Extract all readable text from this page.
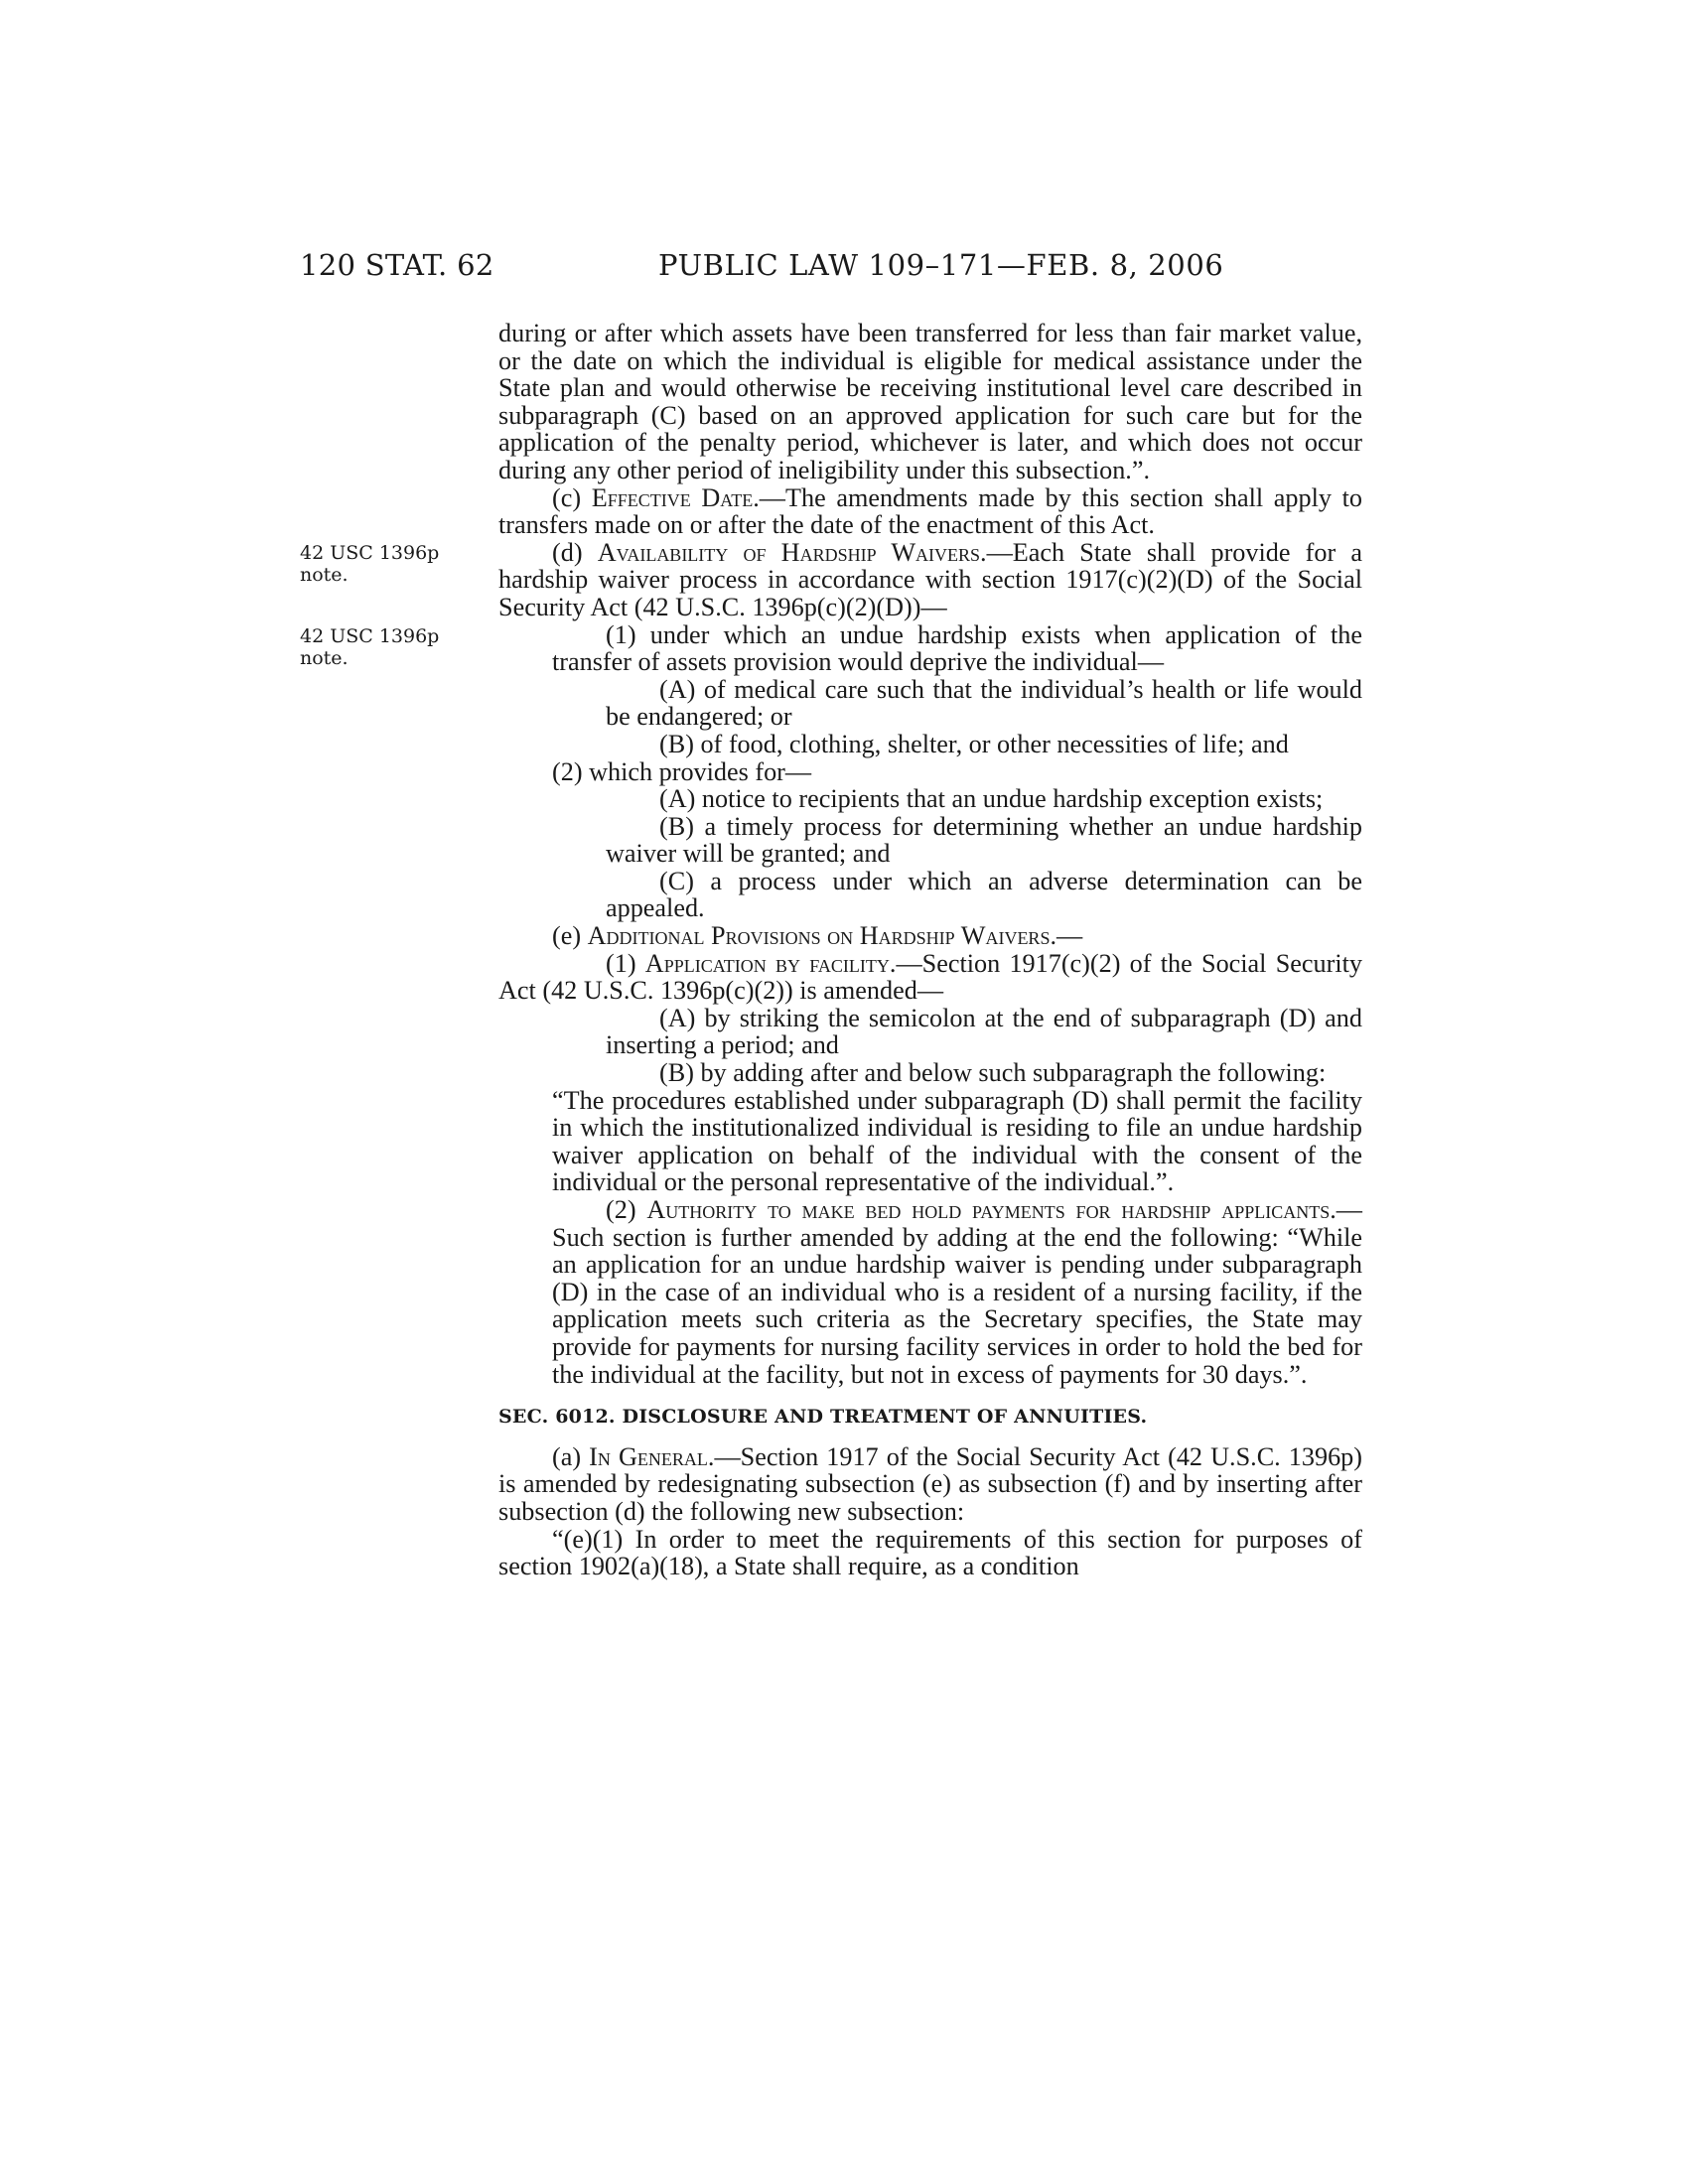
120 STAT. 62	PUBLIC LAW 109–171—FEB. 8, 2006
42 USC 1396p
note.
42 USC 1396p
note.

during or after which assets have been transferred for less than fair market value, or the date on which the individual is eligible for medical assistance under the State plan and would otherwise be receiving institutional level care described in subparagraph (C) based on an approved application for such care but for the application of the penalty period, whichever is later, and which does not occur during any other period of ineligibility under this subsection.”.

(c) Effective Date.—The amendments made by this section shall apply to transfers made on or after the date of the enactment of this Act.

(d) Availability of Hardship Waivers.—Each State shall provide for a hardship waiver process in accordance with section 1917(c)(2)(D) of the Social Security Act (42 U.S.C. 1396p(c)(2)(D))—

(1) under which an undue hardship exists when application of the transfer of assets provision would deprive the individual—

(A) of medical care such that the individual’s health or life would be endangered; or

(B) of food, clothing, shelter, or other necessities of life; and

(2) which provides for—

(A) notice to recipients that an undue hardship exception exists;

(B) a timely process for determining whether an undue hardship waiver will be granted; and

(C) a process under which an adverse determination can be appealed.

(e) Additional Provisions on Hardship Waivers.—

(1) Application by facility.—Section 1917(c)(2) of the Social Security Act (42 U.S.C. 1396p(c)(2)) is amended—

(A) by striking the semicolon at the end of subparagraph (D) and inserting a period; and

(B) by adding after and below such subparagraph the following:

“The procedures established under subparagraph (D) shall permit the facility in which the institutionalized individual is residing to file an undue hardship waiver application on behalf of the individual with the consent of the individual or the personal representative of the individual.”.

(2) Authority to make bed hold payments for hardship applicants.—Such section is further amended by adding at the end the following: “While an application for an undue hardship waiver is pending under subparagraph (D) in the case of an individual who is a resident of a nursing facility, if the application meets such criteria as the Secretary specifies, the State may provide for payments for nursing facility services in order to hold the bed for the individual at the facility, but not in excess of payments for 30 days.”.

SEC. 6012. DISCLOSURE AND TREATMENT OF ANNUITIES.

(a) In General.—Section 1917 of the Social Security Act (42 U.S.C. 1396p) is amended by redesignating subsection (e) as subsection (f) and by inserting after subsection (d) the following new subsection:

“(e)(1) In order to meet the requirements of this section for purposes of section 1902(a)(18), a State shall require, as a condition
